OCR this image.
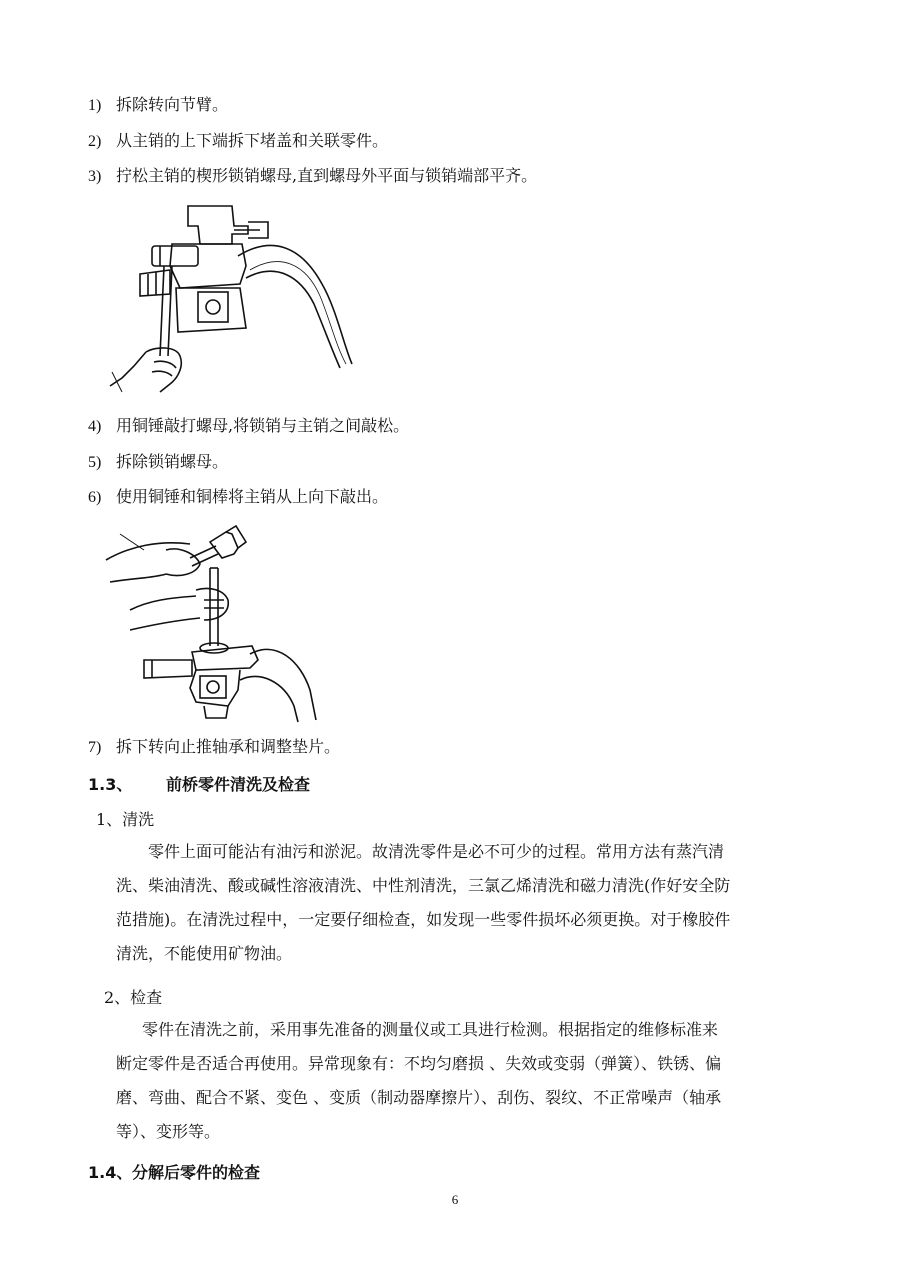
1) 拆除转向节臂。
2) 从主销的上下端拆下堵盖和关联零件。
3) 拧松主销的楔形锁销螺母,直到螺母外平面与锁销端部平齐。
4) 用铜锤敲打螺母,将锁销与主销之间敲松。
5) 拆除锁销螺母。
6) 使用铜锤和铜棒将主销从上向下敲出。
7) 拆下转向止推轴承和调整垫片。
1.3、 前桥零件清洗及检查
1、清洗
零件上面可能沾有油污和淤泥。故清洗零件是必不可少的过程。常用方法有蒸汽清
洗、柴油清洗、酸或碱性溶液清洗、中性剂清洗，三氯乙烯清洗和磁力清洗(作好安全防
范措施)。在清洗过程中，一定要仔细检查，如发现一些零件损坏必须更换。对于橡胶件
清洗，不能使用矿物油。
2、检查
零件在清洗之前，采用事先准备的测量仪或工具进行检测。根据指定的维修标准来
断定零件是否适合再使用。异常现象有：不均匀磨损 、失效或变弱（弹簧）、铁锈、偏
磨、弯曲、配合不紧、变色 、变质（制动器摩擦片）、刮伤、裂纹、不正常噪声（轴承
等）、变形等。
1.4、分解后零件的检查
6
